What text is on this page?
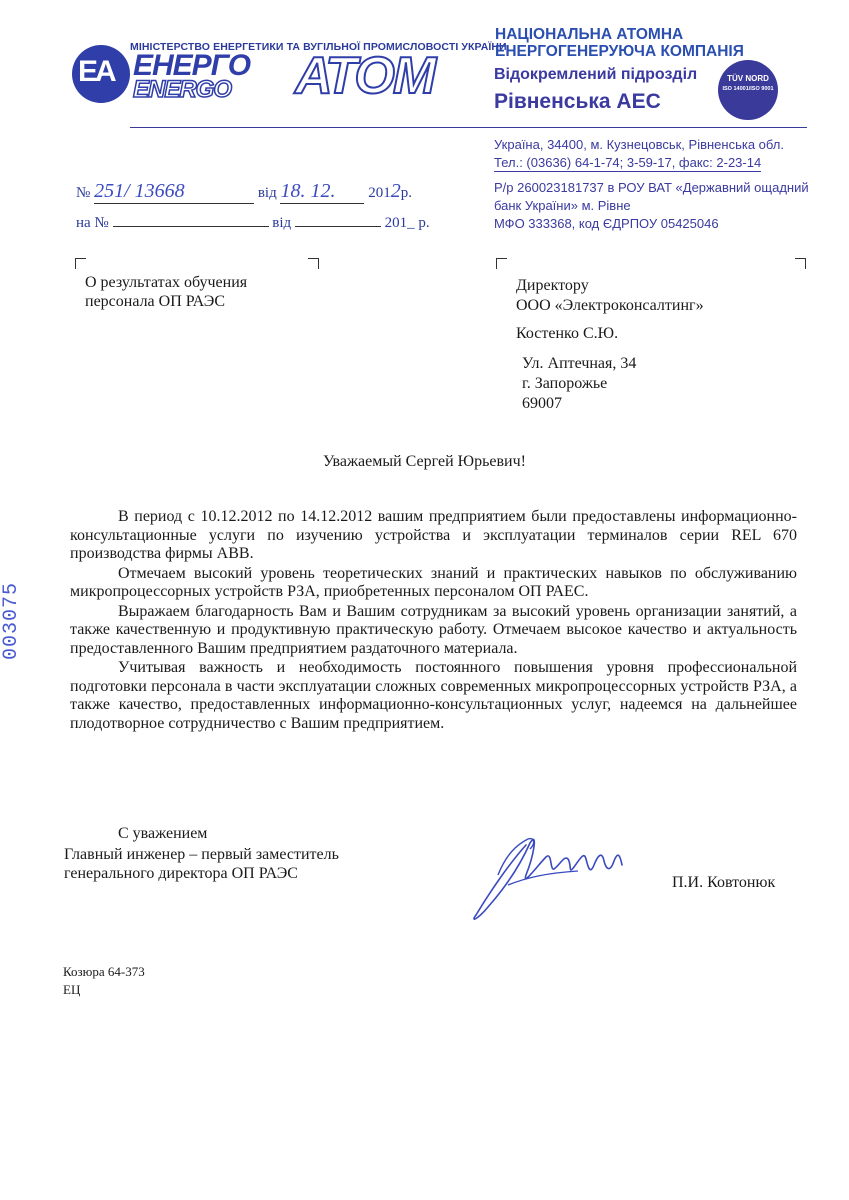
EA
МІНІСТЕРСТВО ЕНЕРГЕТИКИ ТА ВУГІЛЬНОЇ ПРОМИСЛОВОСТІ УКРАЇНИ
ЕНЕРГО
ENERGO АТОМ
НАЦІОНАЛЬНА АТОМНА
ЕНЕРГОГЕНЕРУЮЧА КОМПАНІЯ
Відокремлений підрозділ
Рівненська АЕС
TÜV NORD
ISO 14001/ISO 9001
Україна, 34400, м. Кузнецовськ, Рівненська обл.
Тел.: (03636) 64-1-74; 3-59-17, факс: 2-23-14
Р/р 260023181737 в РОУ ВАТ «Державний ощадний банк України» м. Рівне
МФО 333368, код ЄДРПОУ 05425046
№ 251/ 13668	від 18. 12. 2012р.
на №	від	201_ р.
О результатах обучения
персонала ОП РАЭС
Директору
ООО «Электроконсалтинг»
Костенко С.Ю.
Ул. Аптечная, 34
г. Запорожье
69007
Уважаемый Сергей Юрьевич!

В период с 10.12.2012 по 14.12.2012 вашим предприятием были предоставлены информационно-консультационные услуги по изучению устройства и эксплуатации терминалов серии REL 670 производства фирмы ABB.

Отмечаем высокий уровень теоретических знаний и практических навыков по обслуживанию микропроцессорных устройств РЗА, приобретенных персоналом ОП РАЕС.

Выражаем благодарность Вам и Вашим сотрудникам за высокий уровень организации занятий, а также качественную и продуктивную практическую работу. Отмечаем высокое качество и актуальность предоставленного Вашим предприятием раздаточного материала.

Учитывая важность и необходимость постоянного повышения уровня профессиональной подготовки персонала в части эксплуатации сложных современных микропроцессорных устройств РЗА, а также качество, предоставленных информационно-консультационных услуг, надеемся на дальнейшее плодотворное сотрудничество с Вашим предприятием.

С уважением
Главный инженер – первый заместитель
генерального директора ОП РАЭС
П.И. Ковтонюк
Козюра 64-373
ЕЦ
003075
